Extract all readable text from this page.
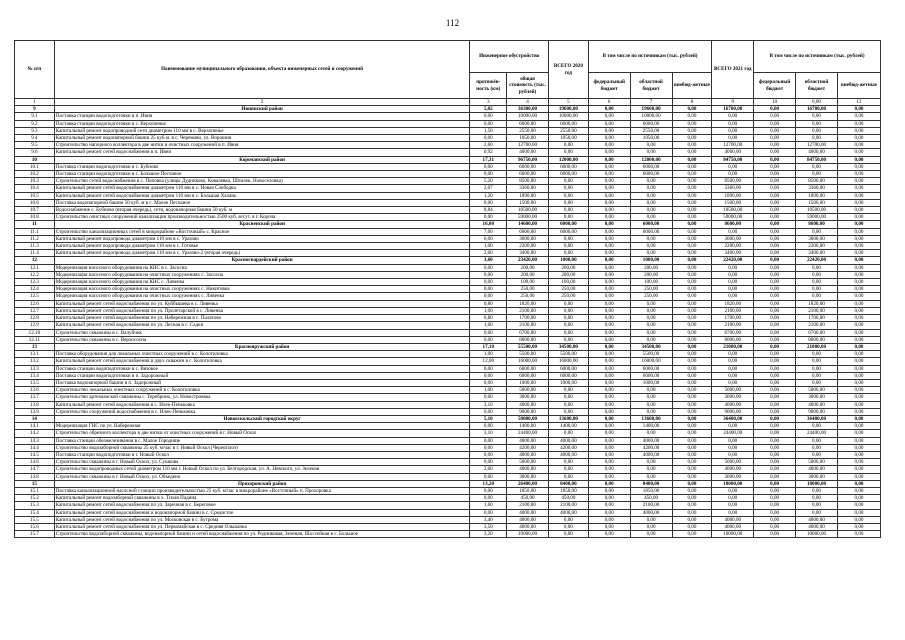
112
№ п/п	Наименование муниципального образования, объекта инженерных сетей и сооружений	Инженерное обустройство		ВСЕГО 2020 год	В том числе по источникам (тыс. рублей)			ВСЕГО 2021 год	В том числе по источникам (тыс. рублей)		
		протяжён-ность (км)	общая стоимость (тыс. рублей)		федеральный бюджет	областной бюджет	внебюд-жетные		федеральный бюджет	областной бюджет	внебюд-жетные
1	2	3	4	5	6	7	8	9	10	0,00	12
9	Ивнянский район	5,02	36300,00	19600,00	0,00	19600,00	0,00	16700,00	0,00	16700,00	0,00
9.1	Поставка станции водоподготовки в п. Ивня	0,00	10000,00	10000,00	0,00	10000,00	0,00	0,00	0,00	0,00	0,00
9.2	Поставка станции водоподготовки в с. Верхопенье	0,00	6000,00	6000,00	0,00	6000,00	0,00	0,00	0,00	0,00	0,00
9.3	Капитальный ремонт водопроводной сети диаметром 110 мм в с. Верхопенье	1,50	2550,00	2550,00	0,00	2550,00	0,00	0,00	0,00	0,00	0,00
9.4	Капитальный ремонт водонапорной башни 25 куб.м. в с. Черемово, ул. Ворошин	0,00	1050,00	1050,00	0,00	1050,00	0,00	0,00	0,00	0,00	0,00
9.5	Строительство напорного коллектора в две нитки и очистных сооружений в п. Ивня	2,60	12700,00	0,00	0,00	0,00	0,00	12700,00	0,00	12700,00	0,00
9.6	Капитальный ремонт сетей водоснабжения в п. Ивня	0,92	4000,00	0,00	0,00	0,00	0,00	4000,00	0,00	4000,00	0,00
10	Корочанский район	17,31	96750,00	12000,00	0,00	12000,00	0,00	84750,00	0,00	84750,00	0,00
10.1	Поставка станции водоподготовки в с. Бубново	0,00	6000,00	6000,00	0,00	6000,00	0,00	0,00	0,00	0,00	0,00
10.2	Поставка станции водоподготовки в с. Большое Песчаное	0,00	6000,00	6000,00	0,00	6000,00	0,00	0,00	0,00	0,00	0,00
10.3	Строительство сетей водоснабжения в с. Поповка (улицы Дудниково, Ковалевка, Шпилек, Новоселовка)	5,20	8500,00	0,00	0,00	0,00	0,00	8500,00	0,00	8500,00	0,00
10.4	Капитальный ремонт сетей водоснабжения диаметром 110 мм в с. Новая Слободка	2,07	3360,00	0,00	0,00	0,00	0,00	3360,00	0,00	3360,00	0,00
10.5	Капитальный ремонт сетей водоснабжения диаметром 110 мм в с. Большая Халань	1,20	1890,00	0,00	0,00	0,00	0,00	1890,00	0,00	1890,00	0,00
10.6	Поставка водонапорной башни 50 куб. м в с. Малое Песчаное	0,00	1500,00	0,00	0,00	0,00	0,00	1500,00	0,00	1500,00	0,00
10.7	Водоснабжение с. Бубново (вторая очередь), сети, водонапорная башни 50 куб. м	8,84	10500,00	0,00	0,00	0,00	0,00	10500,00	0,00	10500,00	0,00
10.8	Строительство очистных сооружений канализации производительностью 2500 куб. м/сут. в г. Короча	0,00	59000,00	0,00	0,00	0,00	0,00	59000,00	0,00	59000,00	0,00
11	Красненский район	16,00	14600,00	6000,00	0,00	6000,00	0,00	8600,00	0,00	8600,00	0,00
11.1	Строительство канализационных сетей в микрорайоне «Восточный» с. Красное	7,00	6000,00	6000,00	0,00	6000,00	0,00	0,00	0,00	0,00	0,00
11.2	Капитальный ремонт водопровода диаметром 110 мм в с. Уразово	6,00	3000,00	0,00	0,00	0,00	0,00	3000,00	0,00	3000,00	0,00
11.3	Капитальный ремонт водопровода диаметром 110 мм в с. Готовье	1,00	2200,00	0,00	0,00	0,00	0,00	2200,00	0,00	2200,00	0,00
11.4	Капитальный ремонт водопровода диаметром 110 мм в с. Уразово-2 (вторая очередь)	2,00	3400,00	0,00	0,00	0,00	0,00	3400,00	0,00	3400,00	0,00
12	Красногвардейский район	3,60	23420,00	1000,00	0,00	1000,00	0,00	22420,00	0,00	22420,00	0,00
12.1	Модернизация насосного оборудования на КНС в с. Засосна	0,00	200,00	200,00	0,00	200,00	0,00	0,00	0,00	0,00	0,00
12.2	Модернизация насосного оборудования на очистных сооружениях с. Засосна	0,00	200,00	200,00	0,00	200,00	0,00	0,00	0,00	0,00	0,00
12.3	Модернизация насосного оборудования на КНС с. Ливенка	0,00	100,00	100,00	0,00	100,00	0,00	0,00	0,00	0,00	0,00
12.4	Модернизация насосного оборудования на очистных сооружениях с. Никитовка	0,00	250,00	250,00	0,00	250,00	0,00	0,00	0,00	0,00	0,00
12.5	Модернизация насосного оборудования на очистных сооружениях с. Ливенка	0,00	250,00	250,00	0,00	250,00	0,00	0,00	0,00	0,00	0,00
12.6	Капитальный ремонт сетей водоснабжения по ул. Куйбышева в с. Ливенка	0,80	1820,00	0,00	0,00	0,00	0,00	1820,00	0,00	1820,00	0,00
12.7	Капитальный ремонт сетей водоснабжения по ул. Пролетарской в с. Ливенка	1,00	2100,00	0,00	0,00	0,00	0,00	2100,00	0,00	2100,00	0,00
12.8	Капитальный ремонт сетей водоснабжения по ул. Набережная в с. Палатово	0,80	1700,00	0,00	0,00	0,00	0,00	1700,00	0,00	1700,00	0,00
12.9	Капитальный ремонт сетей водоснабжения по ул. Лесная в с. Садки	1,00	2100,00	0,00	0,00	0,00	0,00	2100,00	0,00	2100,00	0,00
12.10	Строительство скважины в с. Валуйчик	0,00	6700,00	0,00	0,00	0,00	0,00	6700,00	0,00	6700,00	0,00
12.11	Строительство скважины в с. Верхососна	0,00	8000,00	0,00	0,00	0,00	0,00	8000,00	0,00	8000,00	0,00
13	Краснояружский район	17,10	55500,00	34500,00	0,00	34500,00	0,00	21000,00	0,00	21000,00	0,00
13.1	Поставка оборудования для локальных очистных сооружений в с. Колотиловка	1,00	5500,00	5500,00	0,00	5500,00	0,00	0,00	0,00	0,00	0,00
13.2	Капитальный ремонт сетей водоснабжения и двух скважин в с. Колотиловка	12,00	16000,00	16000,00	0,00	16000,00	0,00	0,00	0,00	0,00	0,00
13.3	Поставка станции водоподготовки в с. Вязовое	0,00	6000,00	6000,00	0,00	6000,00	0,00	0,00	0,00	0,00	0,00
13.4	Поставка станции водоподготовки в п. Задорожный	0,00	6000,00	6000,00	0,00	6000,00	0,00	0,00	0,00	0,00	0,00
13.5	Поставка водонапорной башни в п. Задорожный	0,00	1000,00	1000,00	0,00	1000,00	0,00	0,00	0,00	0,00	0,00
13.6	Строительство локальных очистных сооружений в с. Колотиловка	1,00	5000,00	0,00	0,00	0,00	0,00	5000,00	0,00	5000,00	0,00
13.7	Строительство артезианской скважины с. Теребрино, ул. Новостроевка	0,00	3000,00	0,00	0,00	0,00	0,00	3000,00	0,00	3000,00	0,00
13.8	Капитальный ремонт сетей водоснабжения в с. Илек-Пеньковка	3,10	4000,00	0,00	0,00	0,00	0,00	4000,00	0,00	4000,00	0,00
13.9	Строительство сооружений водоснабжения в с. Илек-Пеньковка	0,00	9000,00	0,00	0,00	0,00	0,00	9000,00	0,00	9000,00	0,00
14	Новооскольский городской округ	5,10	50000,00	13600,00	0,00	13600,00	0,00	36400,00	0,00	36400,00	0,00
14.1	Модернизация ГНС по ул. Набережная	0,00	1400,00	1400,00	0,00	1400,00	0,00	0,00	0,00	0,00	0,00
14.2	Строительство обрезного коллектора в две нитки от очистных сооружений в г. Новый Оскол	3,10	24400,00	0,00	0,00	0,00	0,00	24400,00	0,00	24400,00	0,00
14.3	Поставка станции обезжелезивания в с. Малое Городище	0,00	4000,00	4000,00	0,00	4000,00	0,00	0,00	0,00	0,00	0,00
14.4	Строительство водозаборной скважины 25 куб. м/час в г. Новый Оскол (Черноплоэ)	0,00	4200,00	4200,00	0,00	4200,00	0,00	0,00	0,00	0,00	0,00
14.5	Поставка станции водоподготовки в г. Новый Оскол	0,00	4000,00	4000,00	0,00	4000,00	0,00	0,00	0,00	0,00	0,00
14.6	Строительство скважины в г. Новый Оскол, ул. Сушкова	0,00	5000,00	0,00	0,00	0,00	0,00	5000,00	0,00	5000,00	0,00
14.7	Строительство водопроводных сетей диаметром 110 мм г. Новый Оскол по ул. Белгородская, ул. А. Невского, ул. Зеленая	2,00	4000,00	0,00	0,00	0,00	0,00	4000,00	0,00	4000,00	0,00
14.8	Строительство скважины в г. Новый Оскол, ул. Объедено	0,00	3000,00	0,00	0,00	0,00	0,00	3000,00	0,00	3000,00	0,00
15	Прохоровский район	13,20	26400,00	8400,00	0,00	8400,00	0,00	18000,00	0,00	18000,00	0,00
15.1	Поставка канализационной насосной станции производительностью 25 куб. м/час в микрорайоне «Восточный» п. Прохоровка	0,00	1850,00	1850,00	0,00	1850,00	0,00	0,00	0,00	0,00	0,00
15.2	Капитальный ремонт водозаборной скважины в х. Тихая Падина	0,00	450,00	450,00	0,00	450,00	0,00	0,00	0,00	0,00	0,00
15.3	Капитальный ремонт сетей водоснабжения по ул. Заречная в с. Береговое	1,60	2100,00	2100,00	0,00	2100,00	0,00	0,00	0,00	0,00	0,00
15.4	Капитальный ремонт сетей водоснабжения и водонапорной башни в с. Средистое	0,00	4000,00	4000,00	0,00	4000,00	0,00	0,00	0,00	0,00	0,00
15.5	Капитальный ремонт сетей водоснабжения по ул. Московская в с. Бутрома	3,40	4000,00	0,00	0,00	0,00	0,00	4000,00	0,00	4000,00	0,00
15.6	Капитальный ремонт сетей водоснабжения по ул. Первомайская в с. Средняя Ольшанка	3,50	4000,00	0,00	0,00	0,00	0,00	4000,00	0,00	4000,00	0,00
15.7	Строительство водозаборной скважины, водонапорной башни и сетей водоснабжения по ул. Родниковая, Зеленая, Шоссейная в с. Большое	3,20	10000,00	0,00	0,00	0,00	0,00	10000,00	0,00	10000,00	0,00
